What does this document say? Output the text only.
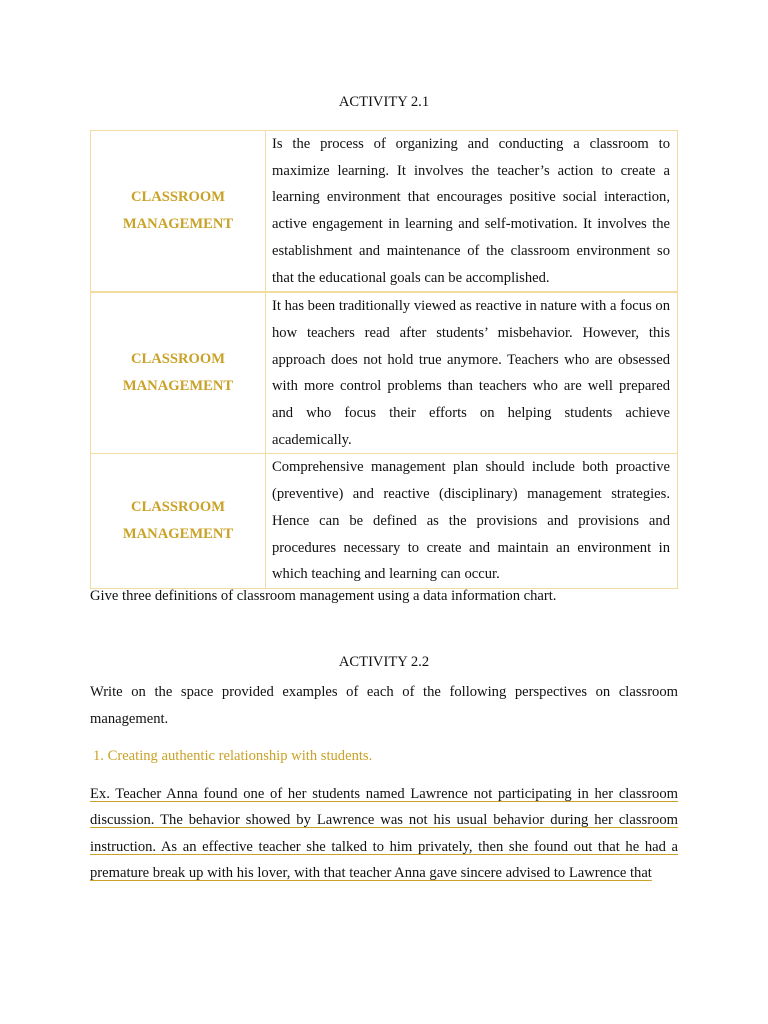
ACTIVITY 2.1
CLASSROOM
MANAGEMENT	Is the process of organizing and conducting a classroom to maximize learning. It involves the teacher’s action to create a learning environment that encourages positive social interaction, active engagement in learning and self-motivation. It involves the establishment and maintenance of the classroom environment so that the educational goals can be accomplished.

CLASSROOM
MANAGEMENT	It has been traditionally viewed as reactive in nature with a focus on how teachers read after students’ misbehavior. However, this approach does not hold true anymore. Teachers who are obsessed with more control problems than teachers who are well prepared and who focus their efforts on helping students achieve academically.

CLASSROOM
MANAGEMENT	Comprehensive management plan should include both proactive (preventive) and reactive (disciplinary) management strategies. Hence can be defined as the provisions and provisions and procedures necessary to create and maintain an environment in which teaching and learning can occur.
Give three definitions of classroom management using a data information chart.
ACTIVITY 2.2
Write on the space provided examples of each of the following perspectives on classroom management.
1. Creating authentic relationship with students.
Ex. Teacher Anna found one of her students named Lawrence not participating in her classroom discussion. The behavior showed by Lawrence was not his usual behavior during her classroom instruction. As an effective teacher she talked to him privately, then she found out that he had a premature break up with his lover, with that teacher Anna gave sincere advised to Lawrence that
